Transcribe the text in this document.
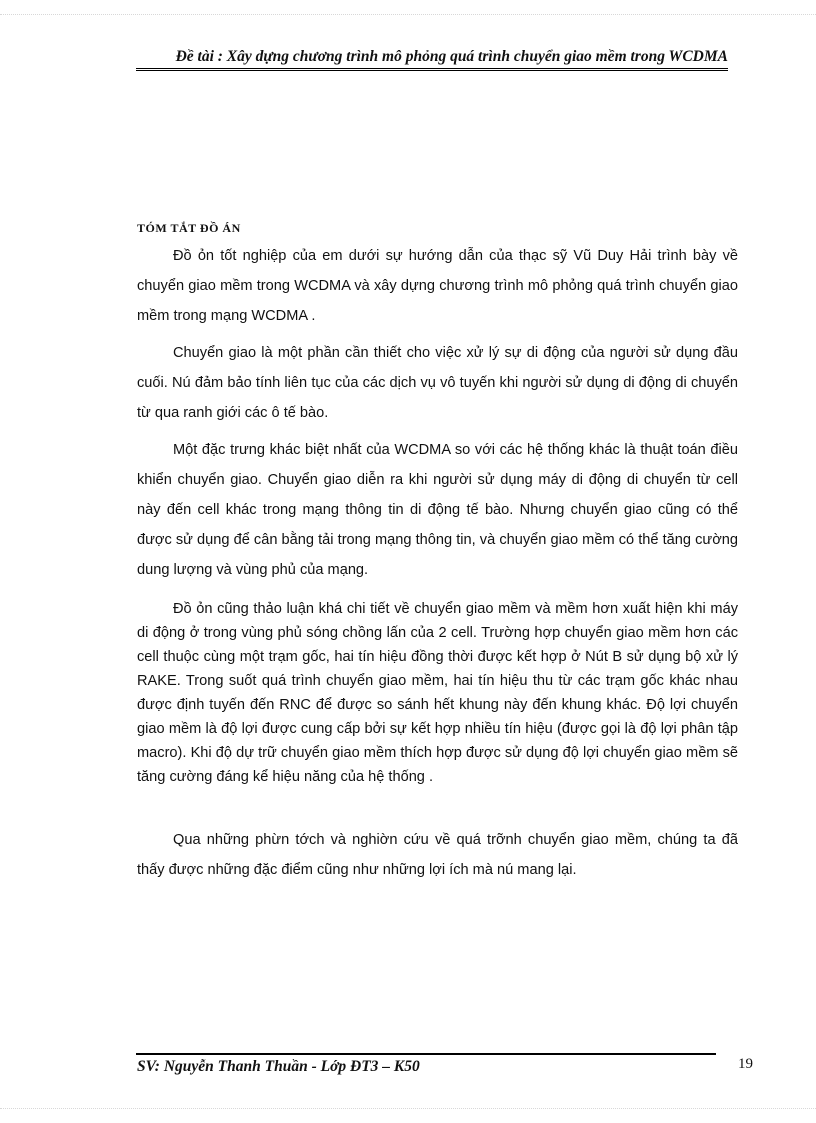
Đề tài : Xây dựng chương trình mô phỏng quá trình chuyển giao mềm trong WCDMA
TÓM TẮT ĐỒ ÁN

Đồ ỏn tốt nghiệp của em dưới sự hướng dẫn của thạc sỹ Vũ Duy Hải trình bày về chuyển giao mềm trong WCDMA và xây dựng chương trình mô phỏng quá trình chuyển giao mềm trong mạng WCDMA .

Chuyển giao là một phần cần thiết cho việc xử lý sự di động của người sử dụng đầu cuối. Nú đảm bảo tính liên tục của các dịch vụ vô tuyến khi người sử dụng di động di chuyển từ qua ranh giới các ô tế bào.

Một đặc trưng khác biệt nhất của WCDMA so với các hệ thống khác là thuật toán điều khiển chuyển giao. Chuyển giao diễn ra khi người sử dụng máy di động di chuyển từ cell này đến cell khác trong mạng thông tin di động tế bào. Nhưng chuyển giao cũng có thể được sử dụng để cân bằng tải trong mạng thông tin, và chuyển giao mềm có thể tăng cường dung lượng và vùng phủ của mạng.

Đồ ỏn cũng thảo luận khá chi tiết về chuyển giao mềm và mềm hơn xuất hiện khi máy di động ở trong vùng phủ sóng chồng lấn của 2 cell. Trường hợp chuyển giao mềm hơn các cell thuộc cùng một trạm gốc, hai tín hiệu đồng thời được kết hợp ở Nút B sử dụng bộ xử lý RAKE. Trong suốt quá trình chuyển giao mềm, hai tín hiệu thu từ các trạm gốc khác nhau được định tuyến đến RNC để được so sánh hết khung này đến khung khác. Độ lợi chuyển giao mềm là độ lợi được cung cấp bởi sự kết hợp nhiều tín hiệu (được gọi là độ lợi phân tập macro). Khi độ dự trữ chuyển giao mềm thích hợp được sử dụng độ lợi chuyển giao mềm sẽ tăng cường đáng kể hiệu năng của hệ thống .

Qua những phừn tớch và nghiờn cứu về quá trỡnh chuyển giao mềm, chúng ta đã thấy được những đặc điểm cũng như những lợi ích mà nú mang lại.

SV: Nguyễn Thanh Thuần - Lớp ĐT3 – K50	19
